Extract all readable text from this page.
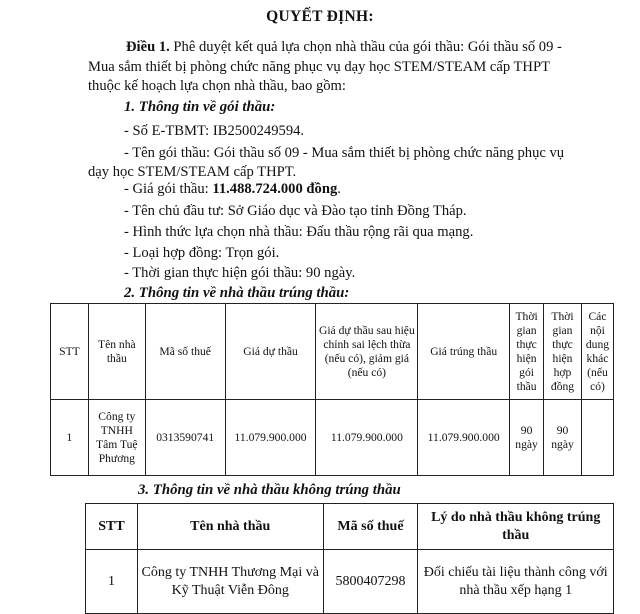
QUYẾT ĐỊNH:
Điều 1. Phê duyệt kết quả lựa chọn nhà thầu của gói thầu: Gói thầu số 09 -
Mua sắm thiết bị phòng chức năng phục vụ dạy học STEM/STEAM cấp THPT
thuộc kế hoạch lựa chọn nhà thầu, bao gồm:
1. Thông tin về gói thầu:
- Số E-TBMT: IB2500249594.
- Tên gói thầu: Gói thầu số 09 - Mua sắm thiết bị phòng chức năng phục vụ
dạy học STEM/STEAM cấp THPT.
- Giá gói thầu: 11.488.724.000 đồng.
- Tên chủ đầu tư: Sở Giáo dục và Đào tạo tỉnh Đồng Tháp.
- Hình thức lựa chọn nhà thầu: Đấu thầu rộng rãi qua mạng.
- Loại hợp đồng: Trọn gói.
- Thời gian thực hiện gói thầu: 90 ngày.
2. Thông tin về nhà thầu trúng thầu:
STT	Tên nhà thầu	Mã số thuế	Giá dự thầu	Giá dự thầu sau hiệu chỉnh sai lệch thừa (nếu có), giảm giá (nếu có)	Giá trúng thầu	Thời gian thực hiện gói thầu	Thời gian thực hiện hợp đồng	Các nội dung khác (nếu có)
1	Công ty TNHH Tâm Tuệ Phương	0313590741	11.079.900.000	11.079.900.000	11.079.900.000	90 ngày	90 ngày	
3. Thông tin về nhà thầu không trúng thầu
STT	Tên nhà thầu	Mã số thuế	Lý do nhà thầu không trúng thầu
1	Công ty TNHH Thương Mại và Kỹ Thuật Viễn Đông	5800407298	Đối chiếu tài liệu thành công với nhà thầu xếp hạng 1
